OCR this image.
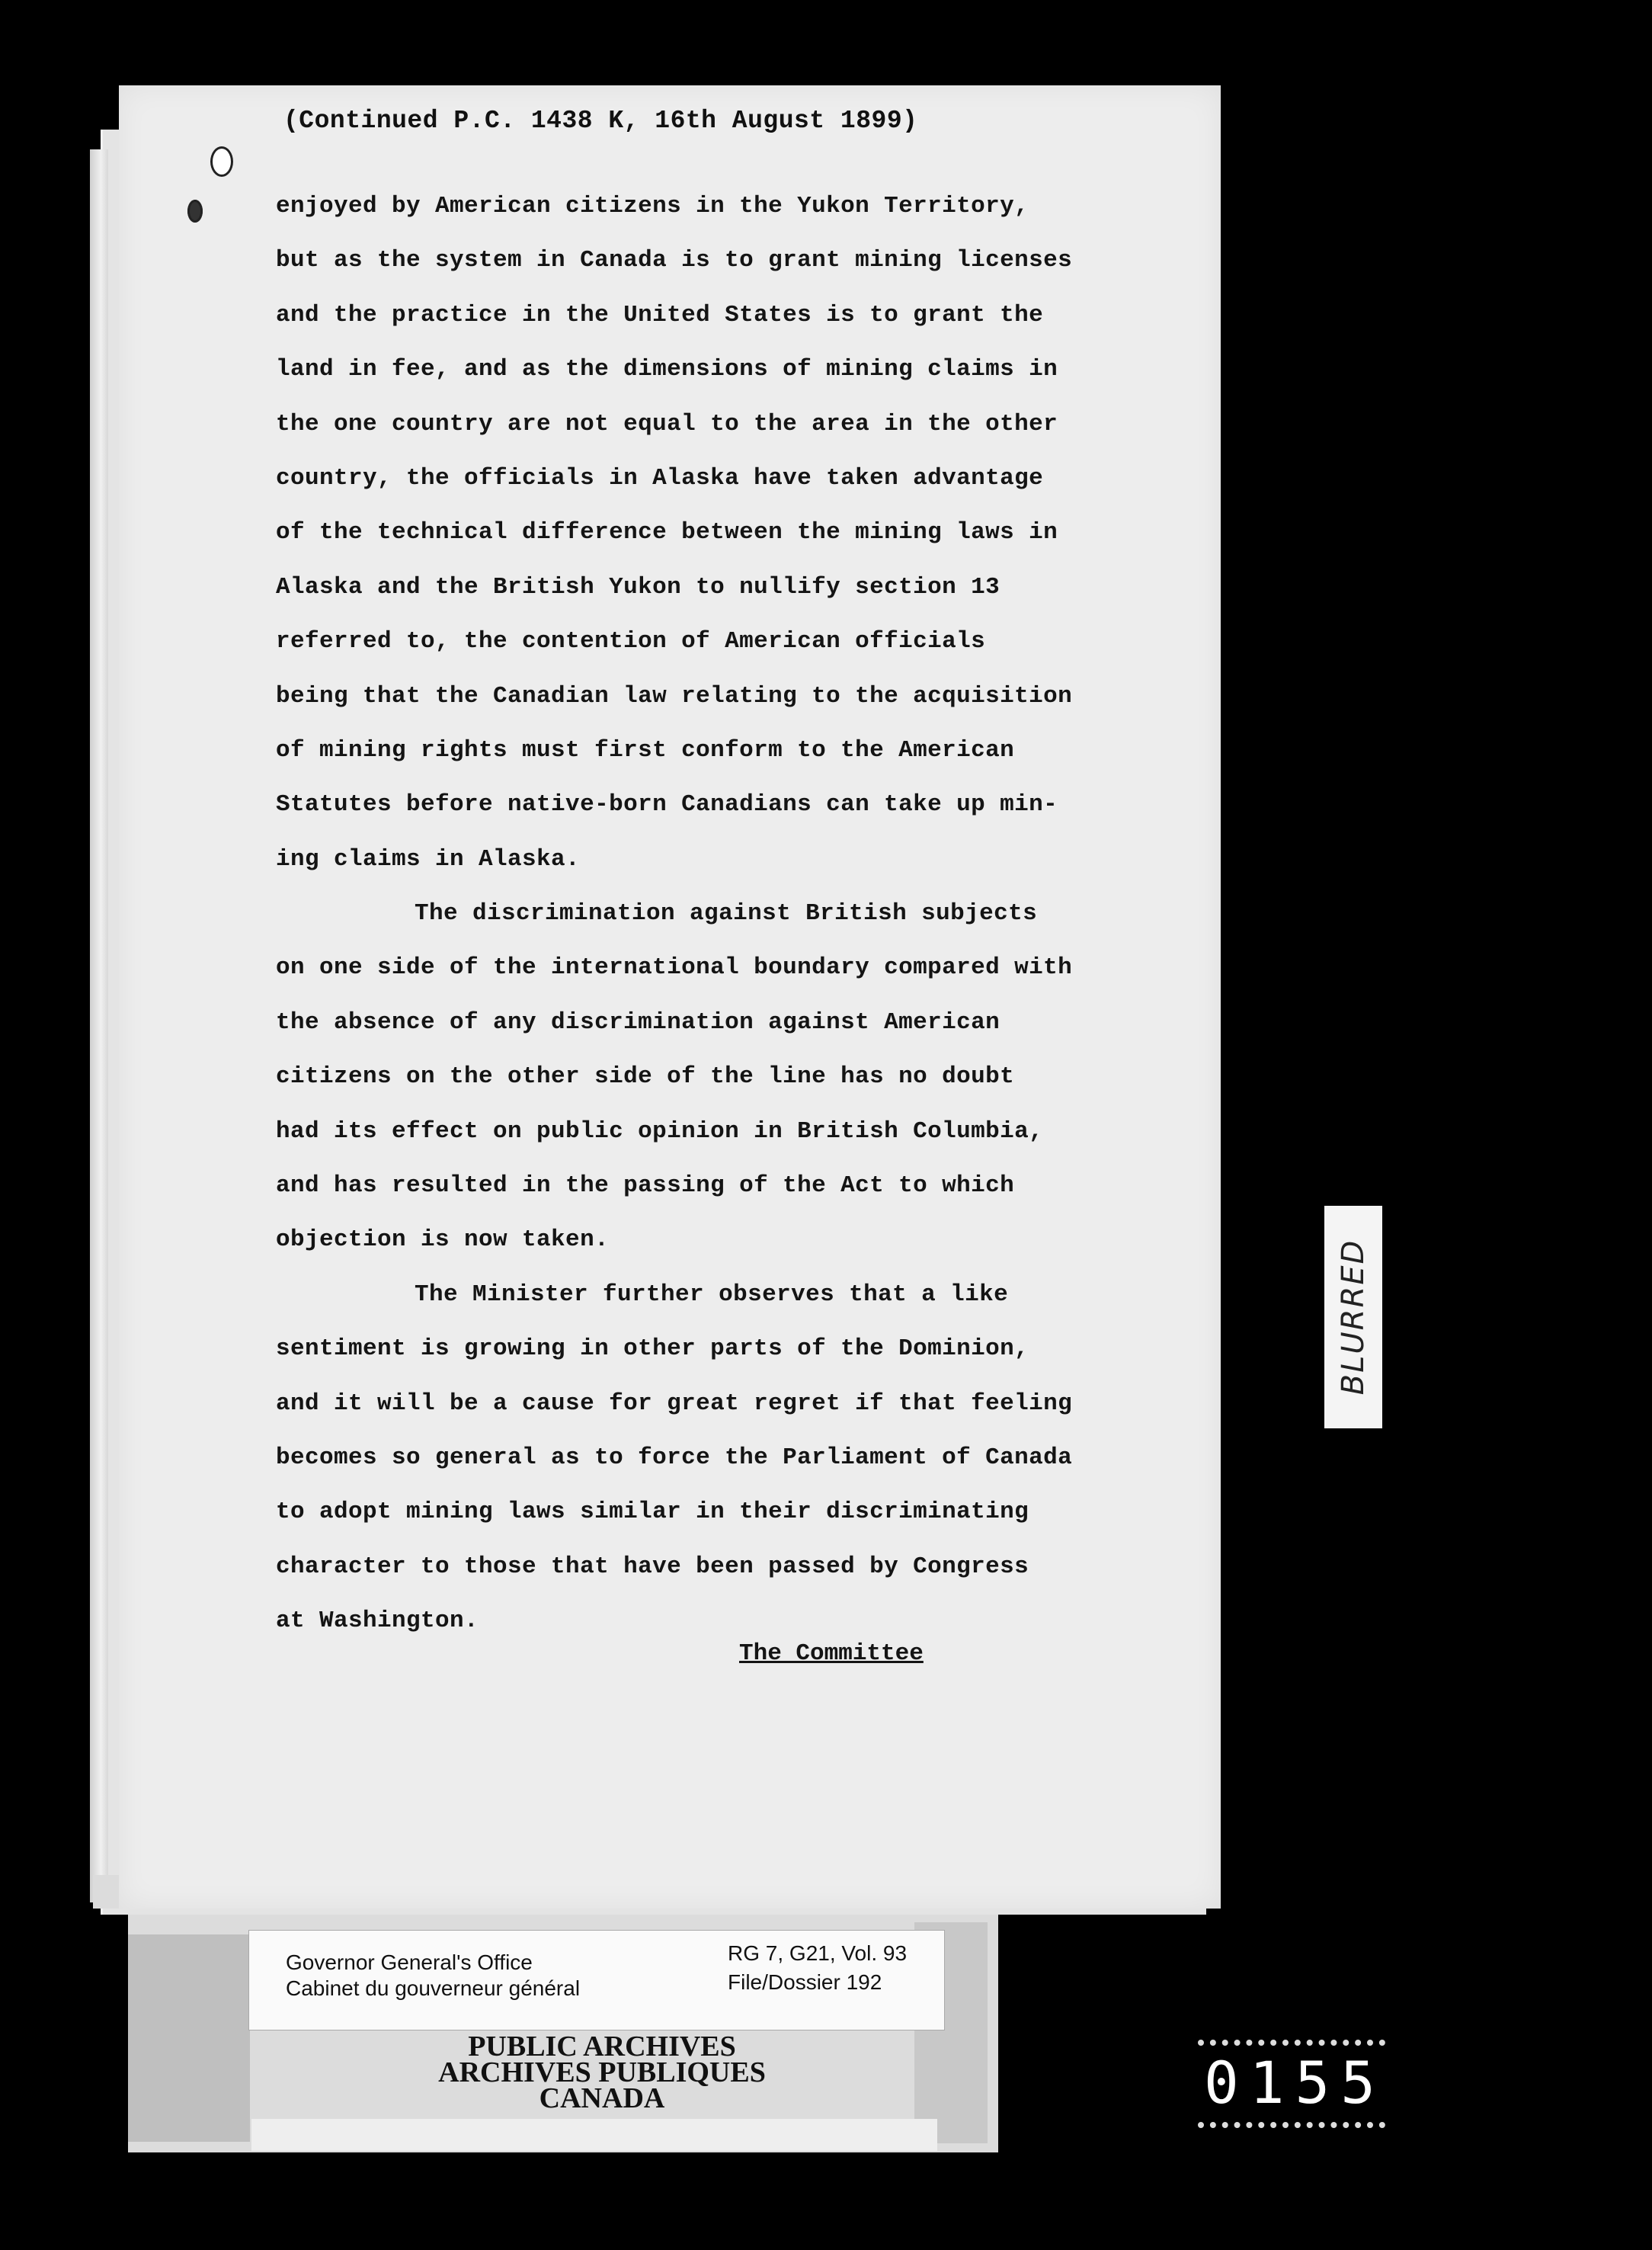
(Continued P.C. 1438 K, 16th August 1899)
enjoyed by American citizens in the Yukon Territory,
but as the system in Canada is to grant mining licenses
and the practice in the United States is to grant the
land in fee, and as the dimensions of mining claims in
the one country are not equal to the area in the other
country, the officials in Alaska have taken advantage
of the technical difference between the mining laws in
Alaska and the British Yukon to nullify section 13
referred to, the contention of American officials
being that the Canadian law relating to the acquisition
of mining rights must first conform to the American
Statutes before native-born Canadians can take up min-
ing claims in Alaska.
The discrimination against British subjects
on one side of the international boundary compared with
the absence of any discrimination against American
citizens on the other side of the line has no doubt
had its effect on public opinion in British Columbia,
and has resulted in the passing of the Act to which
objection is now taken.
The Minister further observes that a like
sentiment is growing in other parts of the Dominion,
and it will be a cause for great regret if that feeling
becomes so general as to force the Parliament of Canada
to adopt mining laws similar in their discriminating
character to those that have been passed by Congress
at Washington.
The Committee
BLURRED
Governor General's Office
Cabinet du gouverneur général
RG 7, G21, Vol. 93
File/Dossier 192
PUBLIC ARCHIVES
ARCHIVES PUBLIQUES
CANADA	0155
